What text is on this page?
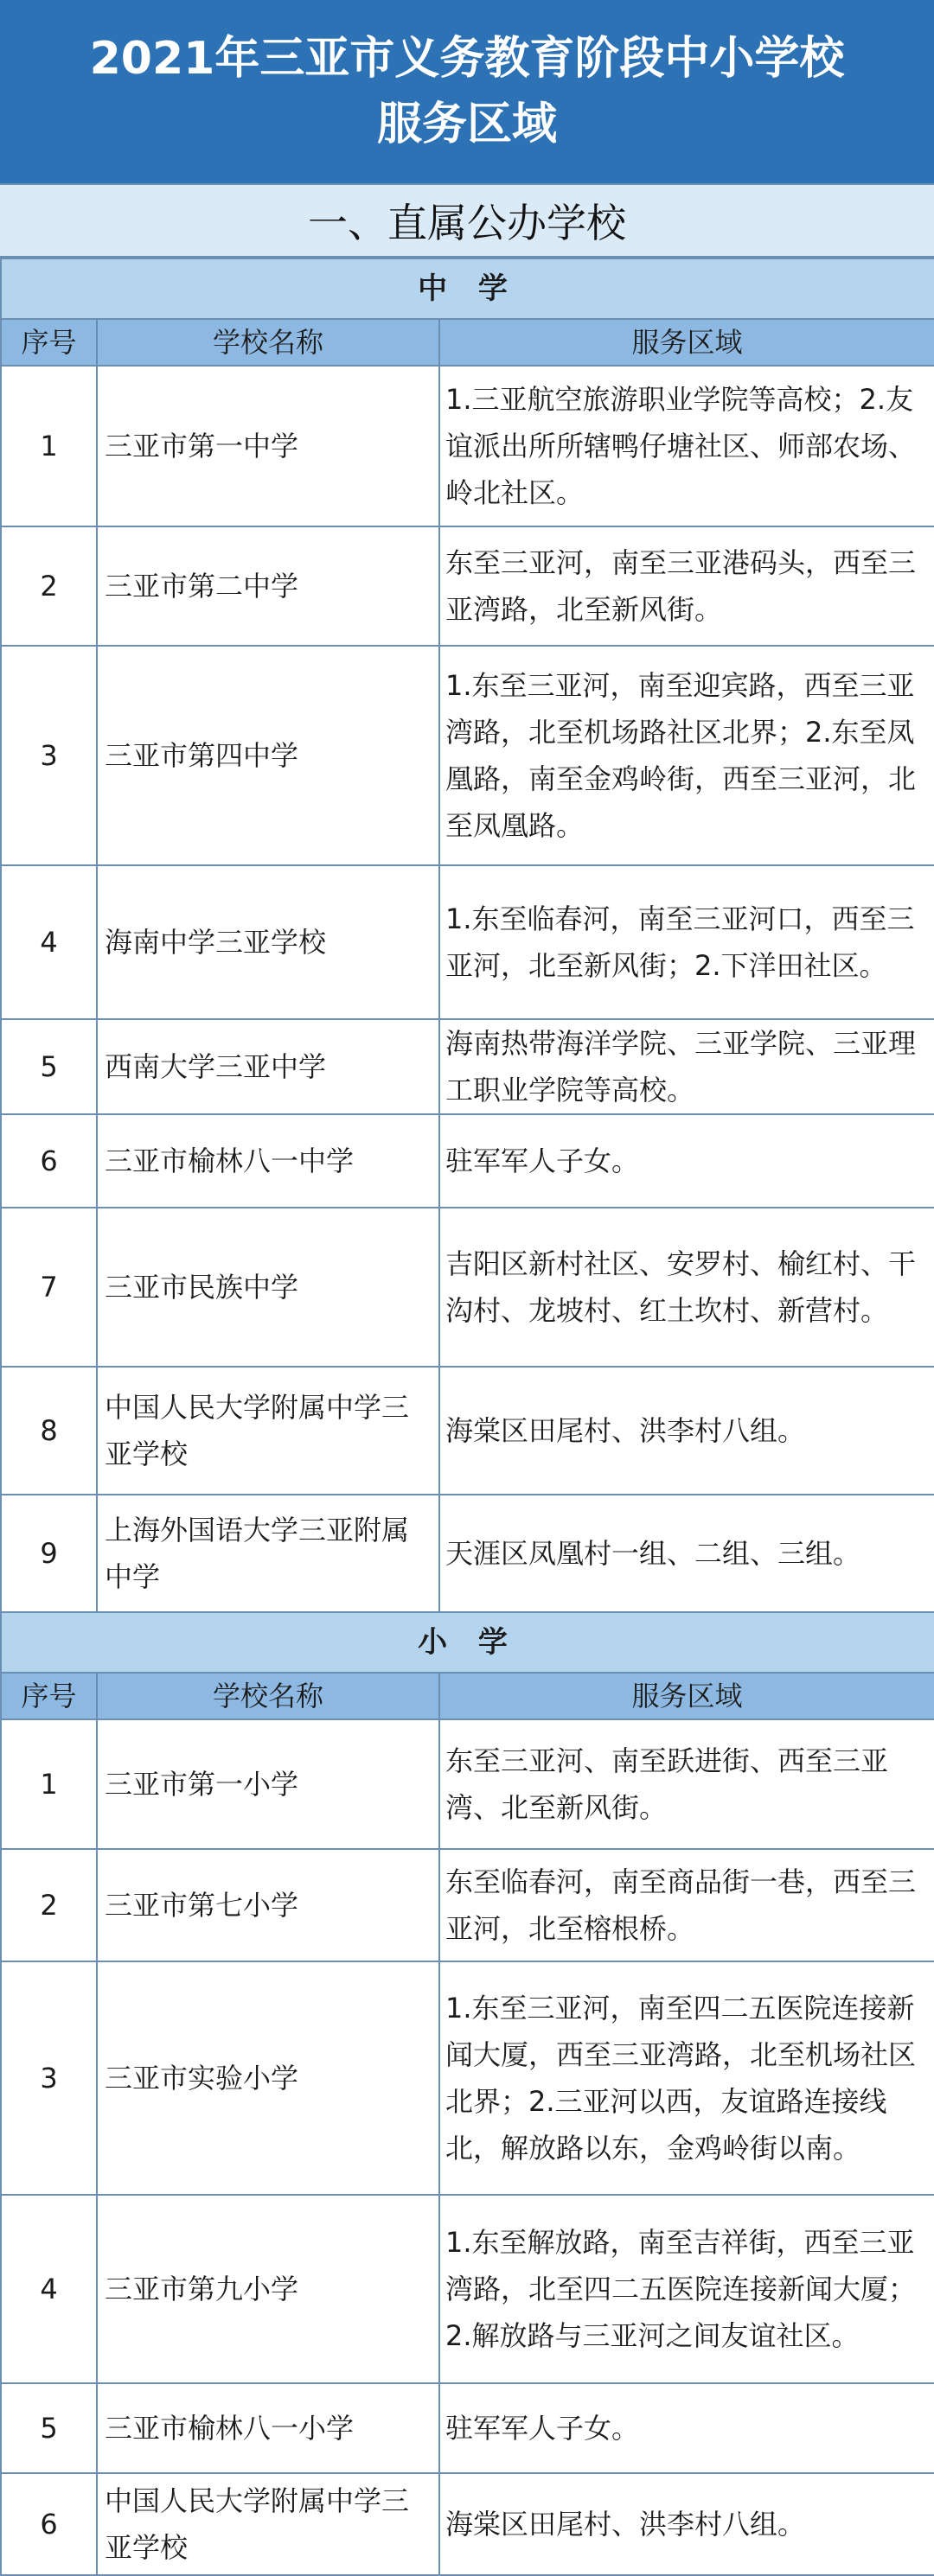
2021年三亚市义务教育阶段中小学校
服务区域
一、直属公办学校
中 学		
序号	学校名称	服务区域
1	三亚市第一中学	1.三亚航空旅游职业学院等高校；2.友谊派出所所辖鸭仔塘社区、师部农场、岭北社区。
2	三亚市第二中学	东至三亚河，南至三亚港码头，西至三亚湾路，北至新风街。
3	三亚市第四中学	1.东至三亚河，南至迎宾路，西至三亚湾路，北至机场路社区北界；2.东至凤凰路，南至金鸡岭街，西至三亚河，北至凤凰路。
4	海南中学三亚学校	1.东至临春河，南至三亚河口，西至三亚河，北至新风街；2.下洋田社区。
5	西南大学三亚中学	海南热带海洋学院、三亚学院、三亚理工职业学院等高校。
6	三亚市榆林八一中学	驻军军人子女。
7	三亚市民族中学	吉阳区新村社区、安罗村、榆红村、干沟村、龙坡村、红土坎村、新营村。
8	中国人民大学附属中学三亚学校	海棠区田尾村、洪李村八组。
9	上海外国语大学三亚附属中学	天涯区凤凰村一组、二组、三组。
小 学		
序号	学校名称	服务区域
1	三亚市第一小学	东至三亚河、南至跃进街、西至三亚湾、北至新风街。
2	三亚市第七小学	东至临春河，南至商品街一巷，西至三亚河，北至榕根桥。
3	三亚市实验小学	1.东至三亚河，南至四二五医院连接新闻大厦，西至三亚湾路，北至机场社区北界；2.三亚河以西，友谊路连接线北，解放路以东，金鸡岭街以南。
4	三亚市第九小学	1.东至解放路，南至吉祥街，西至三亚湾路，北至四二五医院连接新闻大厦；2.解放路与三亚河之间友谊社区。
5	三亚市榆林八一小学	驻军军人子女。
6	中国人民大学附属中学三亚学校	海棠区田尾村、洪李村八组。
